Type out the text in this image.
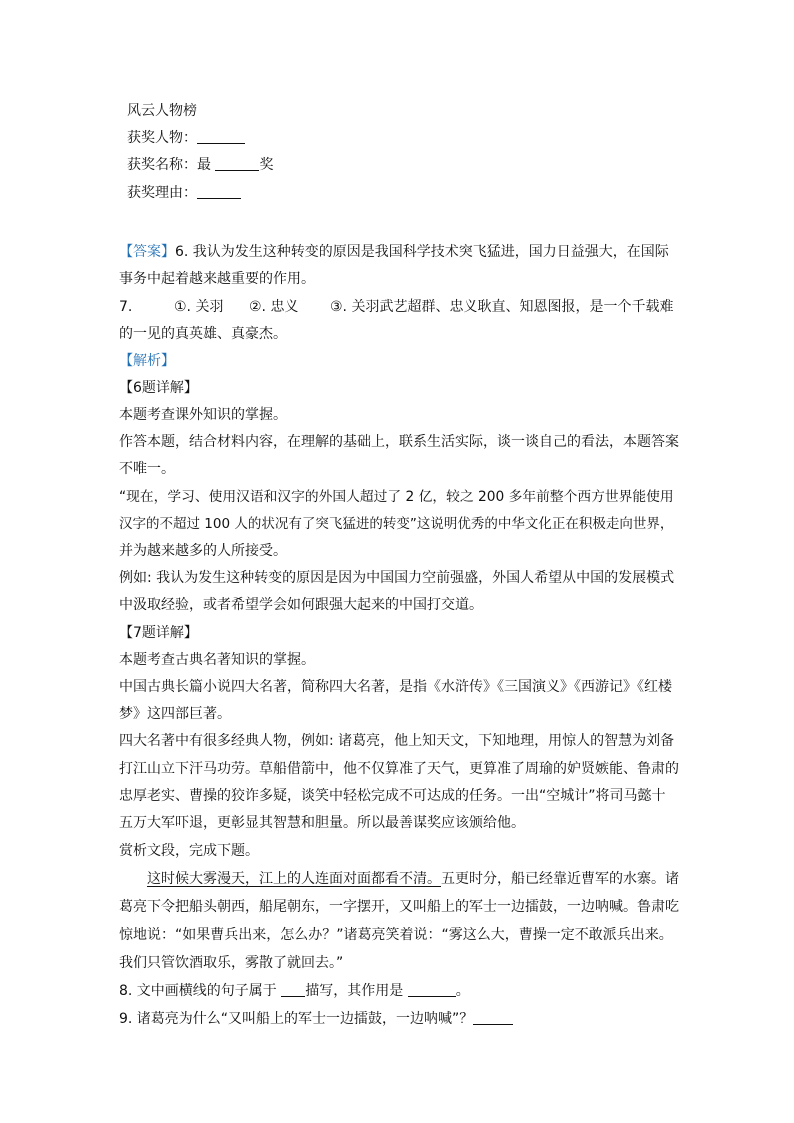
风云人物榜
获奖人物：
获奖名称：最	奖
获奖理由：
【答案】6. 我认为发生这种转变的原因是我国科学技术突飞猛进，国力日益强大，在国际
事务中起着越来越重要的作用。
7.	①. 关羽 ②. 忠义 ③. 关羽武艺超群、忠义耿直、知恩图报，是一个千载难
的一见的真英雄、真豪杰。
【解析】
【6题详解】
本题考查课外知识的掌握。
作答本题，结合材料内容，在理解的基础上，联系生活实际，谈一谈自己的看法，本题答案
不唯一。
“现在，学习、使用汉语和汉字的外国人超过了 2 亿，较之 200 多年前整个西方世界能使用
汉字的不超过 100 人的状况有了突飞猛进的转变”这说明优秀的中华文化正在积极走向世界，
并为越来越多的人所接受。
例如: 我认为发生这种转变的原因是因为中国国力空前强盛，外国人希望从中国的发展模式
中汲取经验，或者希望学会如何跟强大起来的中国打交道。
【7题详解】
本题考查古典名著知识的掌握。
中国古典长篇小说四大名著，简称四大名著，是指《水浒传》《三国演义》《西游记》《红楼
梦》这四部巨著。
四大名著中有很多经典人物，例如: 诸葛亮，他上知天文，下知地理，用惊人的智慧为刘备
打江山立下汗马功劳。草船借箭中，他不仅算准了天气，更算准了周瑜的妒贤嫉能、鲁肃的
忠厚老实、曹操的狡诈多疑，谈笑中轻松完成不可达成的任务。一出“空城计”将司马懿十
五万大军吓退，更彰显其智慧和胆量。所以最善谋奖应该颁给他。
赏析文段，完成下题。
这时候大雾漫天，江上的人连面对面都看不清。五更时分，船已经靠近曹军的水寨。诸
葛亮下令把船头朝西，船尾朝东，一字摆开，又叫船上的军士一边擂鼓，一边呐喊。鲁肃吃
惊地说：“如果曹兵出来，怎么办？”诸葛亮笑着说：“雾这么大，曹操一定不敢派兵出来。
我们只管饮酒取乐，雾散了就回去。”
8. 文中画横线的句子属于 描写，其作用是	。
9. 诸葛亮为什么“又叫船上的军士一边擂鼓，一边呐喊”？
